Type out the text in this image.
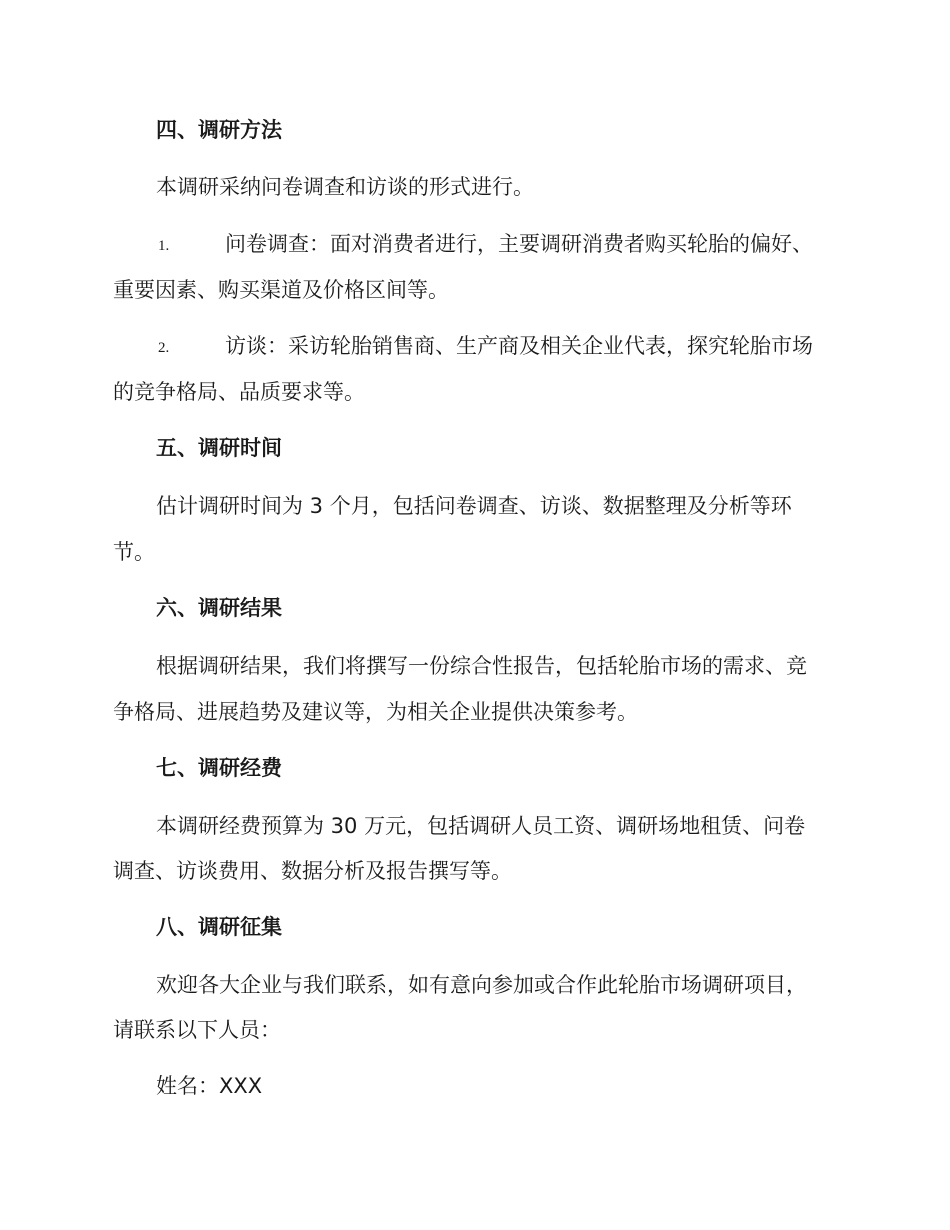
四、调研方法
本调研采纳问卷调查和访谈的形式进行。
1.	问卷调查：面对消费者进行，主要调研消费者购买轮胎的偏好、
重要因素、购买渠道及价格区间等。
2.	访谈：采访轮胎销售商、生产商及相关企业代表，探究轮胎市场
的竞争格局、品质要求等。
五、调研时间
估计调研时间为 3 个月，包括问卷调查、访谈、数据整理及分析等环
节。
六、调研结果
根据调研结果，我们将撰写一份综合性报告，包括轮胎市场的需求、竞
争格局、进展趋势及建议等，为相关企业提供决策参考。
七、调研经费
本调研经费预算为 30 万元，包括调研人员工资、调研场地租赁、问卷
调查、访谈费用、数据分析及报告撰写等。
八、调研征集
欢迎各大企业与我们联系，如有意向参加或合作此轮胎市场调研项目，
请联系以下人员：
姓名：XXX
